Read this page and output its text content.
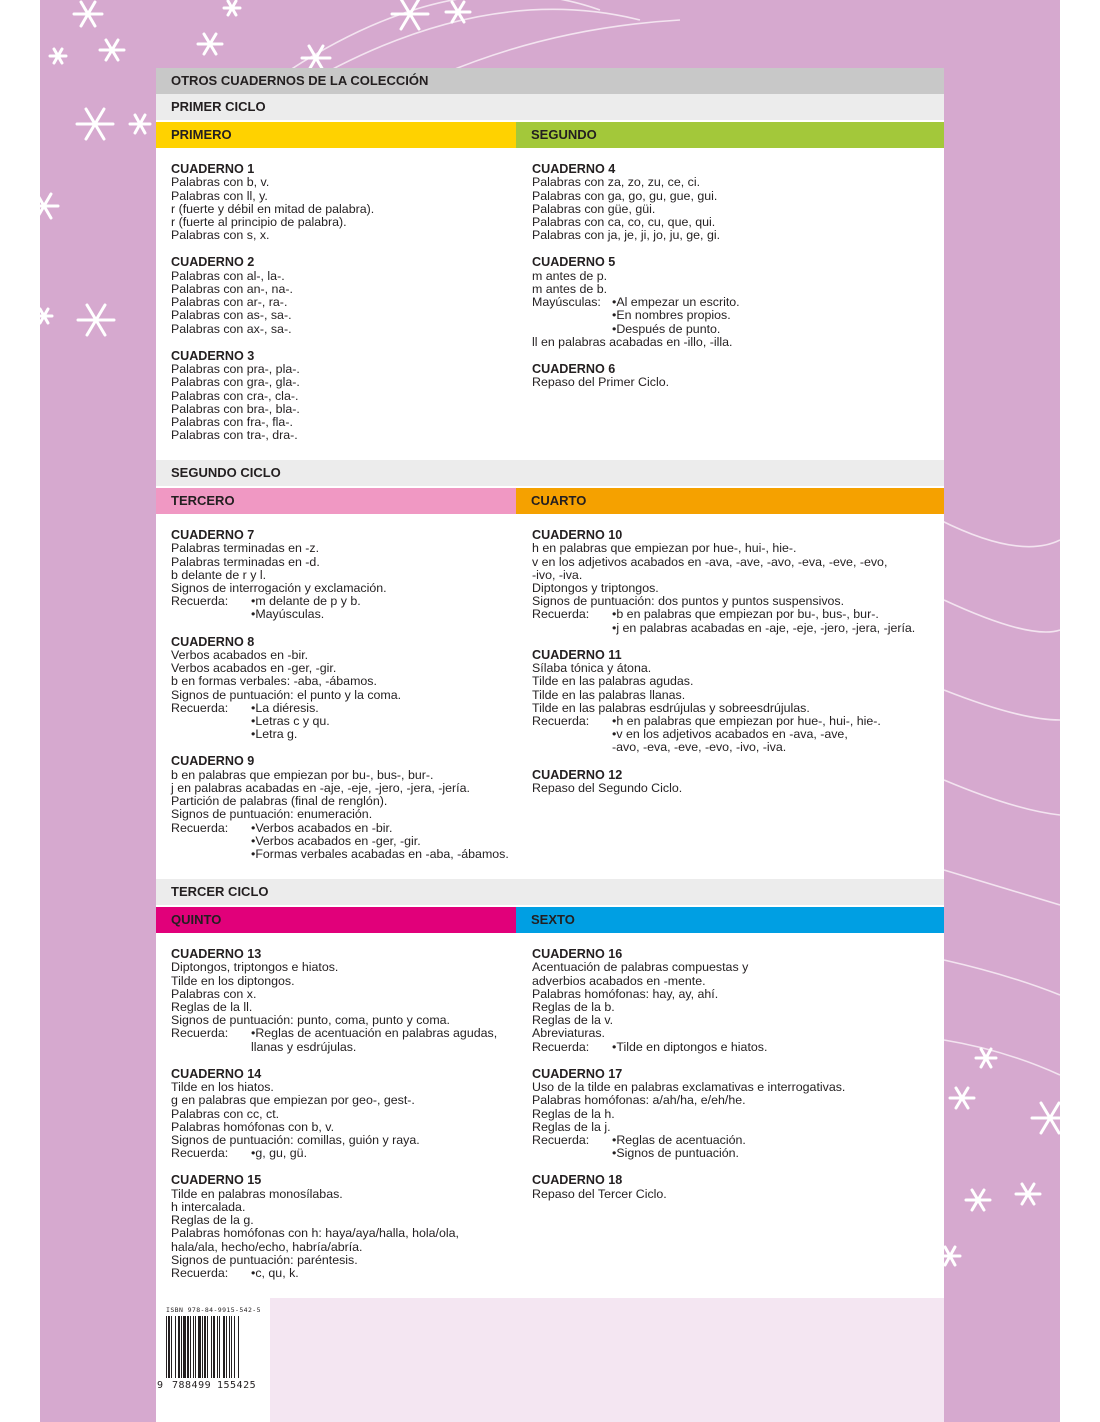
OTROS CUADERNOS DE LA COLECCIÓN
PRIMER CICLO
PRIMERO	SEGUNDO
CUADERNO 1
Palabras con b, v.
Palabras con ll, y.
r (fuerte y débil en mitad de palabra).
r (fuerte al principio de palabra).
Palabras con s, x.
CUADERNO 2
Palabras con al-, la-.
Palabras con an-, na-.
Palabras con ar-, ra-.
Palabras con as-, sa-.
Palabras con ax-, sa-.
CUADERNO 3
Palabras con pra-, pla-.
Palabras con gra-, gla-.
Palabras con cra-, cla-.
Palabras con bra-, bla-.
Palabras con fra-, fla-.
Palabras con tra-, dra-.
CUADERNO 4
Palabras con za, zo, zu, ce, ci.
Palabras con ga, go, gu, gue, gui.
Palabras con güe, güi.
Palabras con ca, co, cu, que, qui.
Palabras con ja, je, ji, jo, ju, ge, gi.
CUADERNO 5
m antes de p.
m antes de b.
Mayúsculas: •Al empezar un escrito.
•En nombres propios.
•Después de punto.
ll en palabras acabadas en -illo, -illa.
CUADERNO 6
Repaso del Primer Ciclo.
SEGUNDO CICLO
TERCERO	CUARTO
CUADERNO 7
Palabras terminadas en -z.
Palabras terminadas en -d.
b delante de r y l.
Signos de interrogación y exclamación.
Recuerda:	•m delante de p y b.
•Mayúsculas.
CUADERNO 8
Verbos acabados en -bir.
Verbos acabados en -ger, -gir.
b en formas verbales: -aba, -ábamos.
Signos de puntuación: el punto y la coma.
Recuerda:	•La diéresis.
•Letras c y qu.
•Letra g.
CUADERNO 9
b en palabras que empiezan por bu-, bus-, bur-.
j en palabras acabadas en -aje, -eje, -jero, -jera, -jería.
Partición de palabras (final de renglón).
Signos de puntuación: enumeración.
Recuerda:	•Verbos acabados en -bir.
•Verbos acabados en -ger, -gir.
•Formas verbales acabadas en -aba, -ábamos.
CUADERNO 10
h en palabras que empiezan por hue-, hui-, hie-.
v en los adjetivos acabados en -ava, -ave, -avo, -eva, -eve, -evo,
-ivo, -iva.
Diptongos y triptongos.
Signos de puntuación: dos puntos y puntos suspensivos.
Recuerda:	•b en palabras que empiezan por bu-, bus-, bur-.
•j en palabras acabadas en -aje, -eje, -jero, -jera, -jería.
CUADERNO 11
Sílaba tónica y átona.
Tilde en las palabras agudas.
Tilde en las palabras llanas.
Tilde en las palabras esdrújulas y sobreesdrújulas.
Recuerda:	•h en palabras que empiezan por hue-, hui-, hie-.
•v en los adjetivos acabados en -ava, -ave,
-avo, -eva, -eve, -evo, -ivo, -iva.
CUADERNO 12
Repaso del Segundo Ciclo.
TERCER CICLO
QUINTO	SEXTO
CUADERNO 13
Diptongos, triptongos e hiatos.
Tilde en los diptongos.
Palabras con x.
Reglas de la ll.
Signos de puntuación: punto, coma, punto y coma.
Recuerda:	•Reglas de acentuación en palabras agudas,
llanas y esdrújulas.
CUADERNO 14
Tilde en los hiatos.
g en palabras que empiezan por geo-, gest-.
Palabras con cc, ct.
Palabras homófonas con b, v.
Signos de puntuación: comillas, guión y raya.
Recuerda:	•g, gu, gü.
CUADERNO 15
Tilde en palabras monosílabas.
h intercalada.
Reglas de la g.
Palabras homófonas con h: haya/aya/halla, hola/ola,
hala/ala, hecho/echo, habría/abría.
Signos de puntuación: paréntesis.
Recuerda:	•c, qu, k.
CUADERNO 16
Acentuación de palabras compuestas y
adverbios acabados en -mente.
Palabras homófonas: hay, ay, ahí.
Reglas de la b.
Reglas de la v.
Abreviaturas.
Recuerda:	•Tilde en diptongos e hiatos.
CUADERNO 17
Uso de la tilde en palabras exclamativas e interrogativas.
Palabras homófonas: a/ah/ha, e/eh/he.
Reglas de la h.
Reglas de la j.
Recuerda:	•Reglas de acentuación.
•Signos de puntuación.
CUADERNO 18
Repaso del Tercer Ciclo.
ISBN 978-84-9915-542-5
9 788499 155425
